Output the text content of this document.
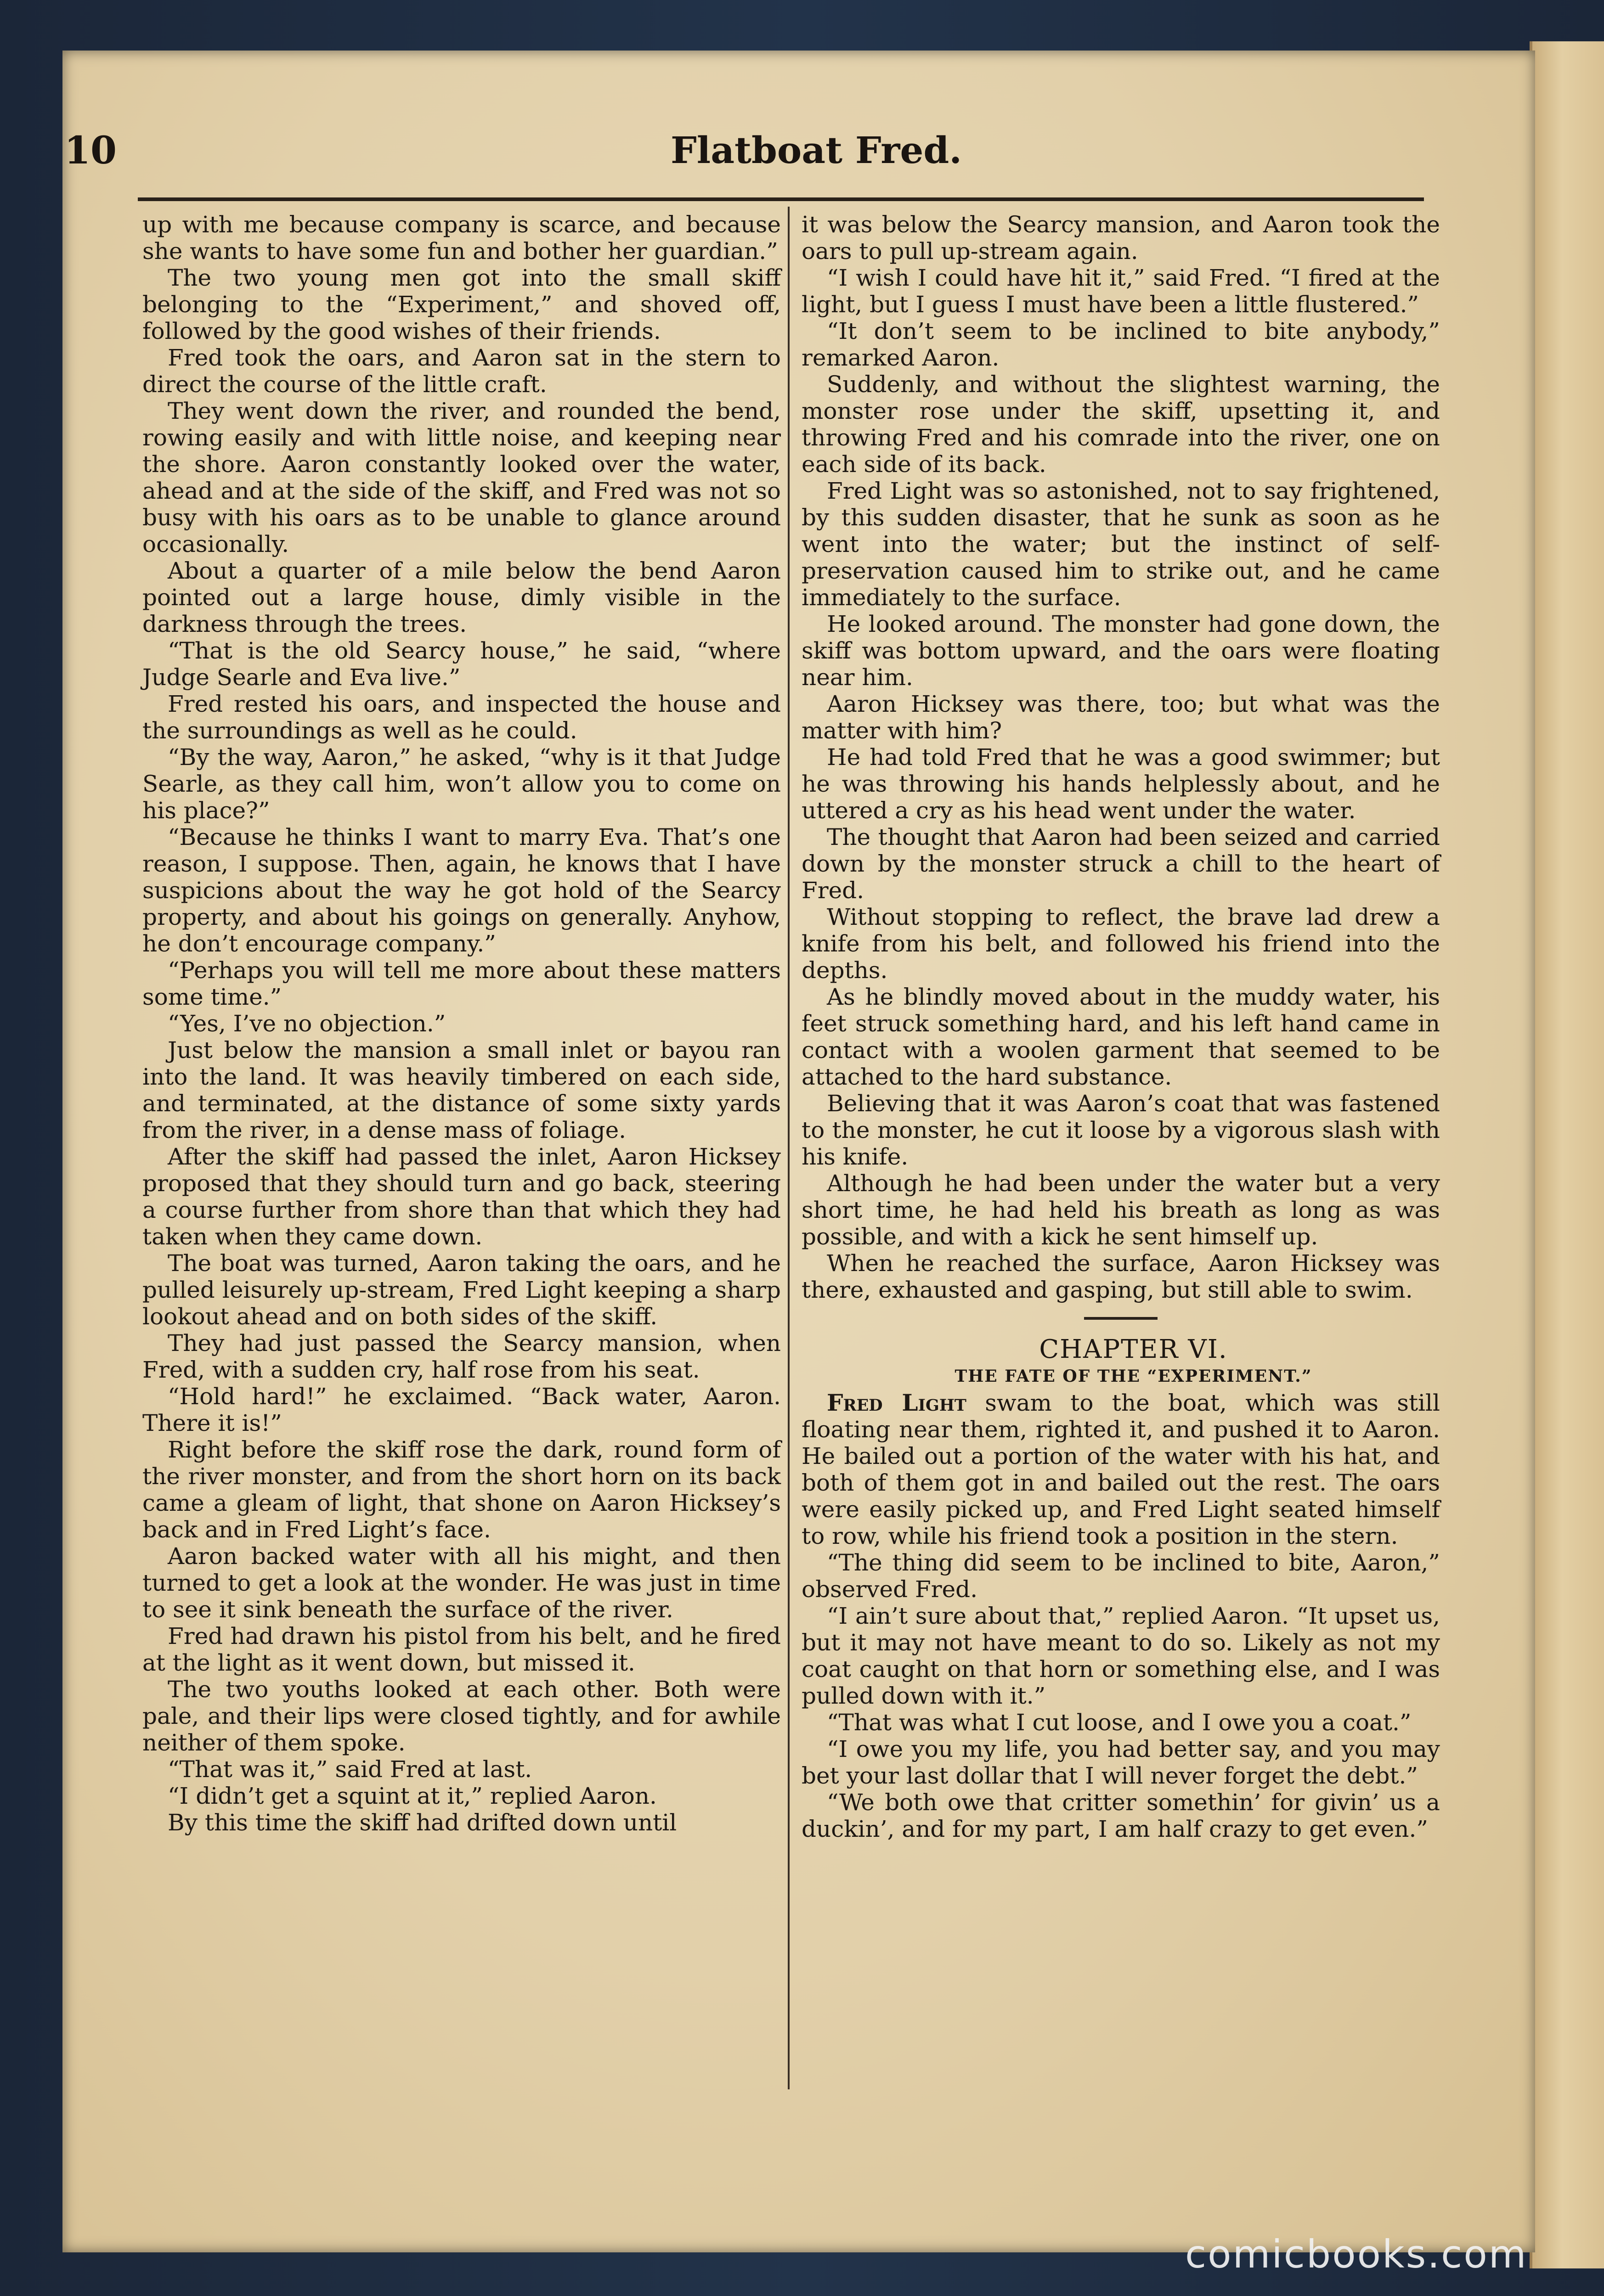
10	Flatboat Fred.

up with me because company is scarce, and because she wants to have some fun and bother her guardian.”

The two young men got into the small skiff belonging to the “Experiment,” and shoved off, followed by the good wishes of their friends.

Fred took the oars, and Aaron sat in the stern to direct the course of the little craft.

They went down the river, and rounded the bend, rowing easily and with little noise, and keeping near the shore. Aaron constantly looked over the water, ahead and at the side of the skiff, and Fred was not so busy with his oars as to be unable to glance around occasionally.

About a quarter of a mile below the bend Aaron pointed out a large house, dimly visible in the darkness through the trees.

“That is the old Searcy house,” he said, “where Judge Searle and Eva live.”

Fred rested his oars, and inspected the house and the surroundings as well as he could.

“By the way, Aaron,” he asked, “why is it that Judge Searle, as they call him, won’t allow you to come on his place?”

“Because he thinks I want to marry Eva. That’s one reason, I suppose. Then, again, he knows that I have suspicions about the way he got hold of the Searcy property, and about his goings on generally. Anyhow, he don’t encourage company.”

“Perhaps you will tell me more about these matters some time.”

“Yes, I’ve no objection.”

Just below the mansion a small inlet or bayou ran into the land. It was heavily timbered on each side, and terminated, at the distance of some sixty yards from the river, in a dense mass of foliage.

After the skiff had passed the inlet, Aaron Hicksey proposed that they should turn and go back, steering a course further from shore than that which they had taken when they came down.

The boat was turned, Aaron taking the oars, and he pulled leisurely up-stream, Fred Light keeping a sharp lookout ahead and on both sides of the skiff.

They had just passed the Searcy mansion, when Fred, with a sudden cry, half rose from his seat.

“Hold hard!” he exclaimed. “Back water, Aaron. There it is!”

Right before the skiff rose the dark, round form of the river monster, and from the short horn on its back came a gleam of light, that shone on Aaron Hicksey’s back and in Fred Light’s face.

Aaron backed water with all his might, and then turned to get a look at the wonder. He was just in time to see it sink beneath the surface of the river.

Fred had drawn his pistol from his belt, and he fired at the light as it went down, but missed it.

The two youths looked at each other. Both were pale, and their lips were closed tightly, and for awhile neither of them spoke.

“That was it,” said Fred at last.

“I didn’t get a squint at it,” replied Aaron.

By this time the skiff had drifted down until

it was below the Searcy mansion, and Aaron took the oars to pull up-stream again.

“I wish I could have hit it,” said Fred. “I fired at the light, but I guess I must have been a little flustered.”

“It don’t seem to be inclined to bite anybody,” remarked Aaron.

Suddenly, and without the slightest warning, the monster rose under the skiff, upsetting it, and throwing Fred and his comrade into the river, one on each side of its back.

Fred Light was so astonished, not to say frightened, by this sudden disaster, that he sunk as soon as he went into the water; but the instinct of self-preservation caused him to strike out, and he came immediately to the surface.

He looked around. The monster had gone down, the skiff was bottom upward, and the oars were floating near him.

Aaron Hicksey was there, too; but what was the matter with him?

He had told Fred that he was a good swimmer; but he was throwing his hands helplessly about, and he uttered a cry as his head went under the water.

The thought that Aaron had been seized and carried down by the monster struck a chill to the heart of Fred.

Without stopping to reflect, the brave lad drew a knife from his belt, and followed his friend into the depths.

As he blindly moved about in the muddy water, his feet struck something hard, and his left hand came in contact with a woolen garment that seemed to be attached to the hard substance.

Believing that it was Aaron’s coat that was fastened to the monster, he cut it loose by a vigorous slash with his knife.

Although he had been under the water but a very short time, he had held his breath as long as was possible, and with a kick he sent himself up.

When he reached the surface, Aaron Hicksey was there, exhausted and gasping, but still able to swim.

CHAPTER VI.

THE FATE OF THE “EXPERIMENT.”

Fred Light swam to the boat, which was still floating near them, righted it, and pushed it to Aaron. He bailed out a portion of the water with his hat, and both of them got in and bailed out the rest. The oars were easily picked up, and Fred Light seated himself to row, while his friend took a position in the stern.

“The thing did seem to be inclined to bite, Aaron,” observed Fred.

“I ain’t sure about that,” replied Aaron. “It upset us, but it may not have meant to do so. Likely as not my coat caught on that horn or something else, and I was pulled down with it.”

“That was what I cut loose, and I owe you a coat.”

“I owe you my life, you had better say, and you may bet your last dollar that I will never forget the debt.”

“We both owe that critter somethin’ for givin’ us a duckin’, and for my part, I am half crazy to get even.”

comicbooks.com
